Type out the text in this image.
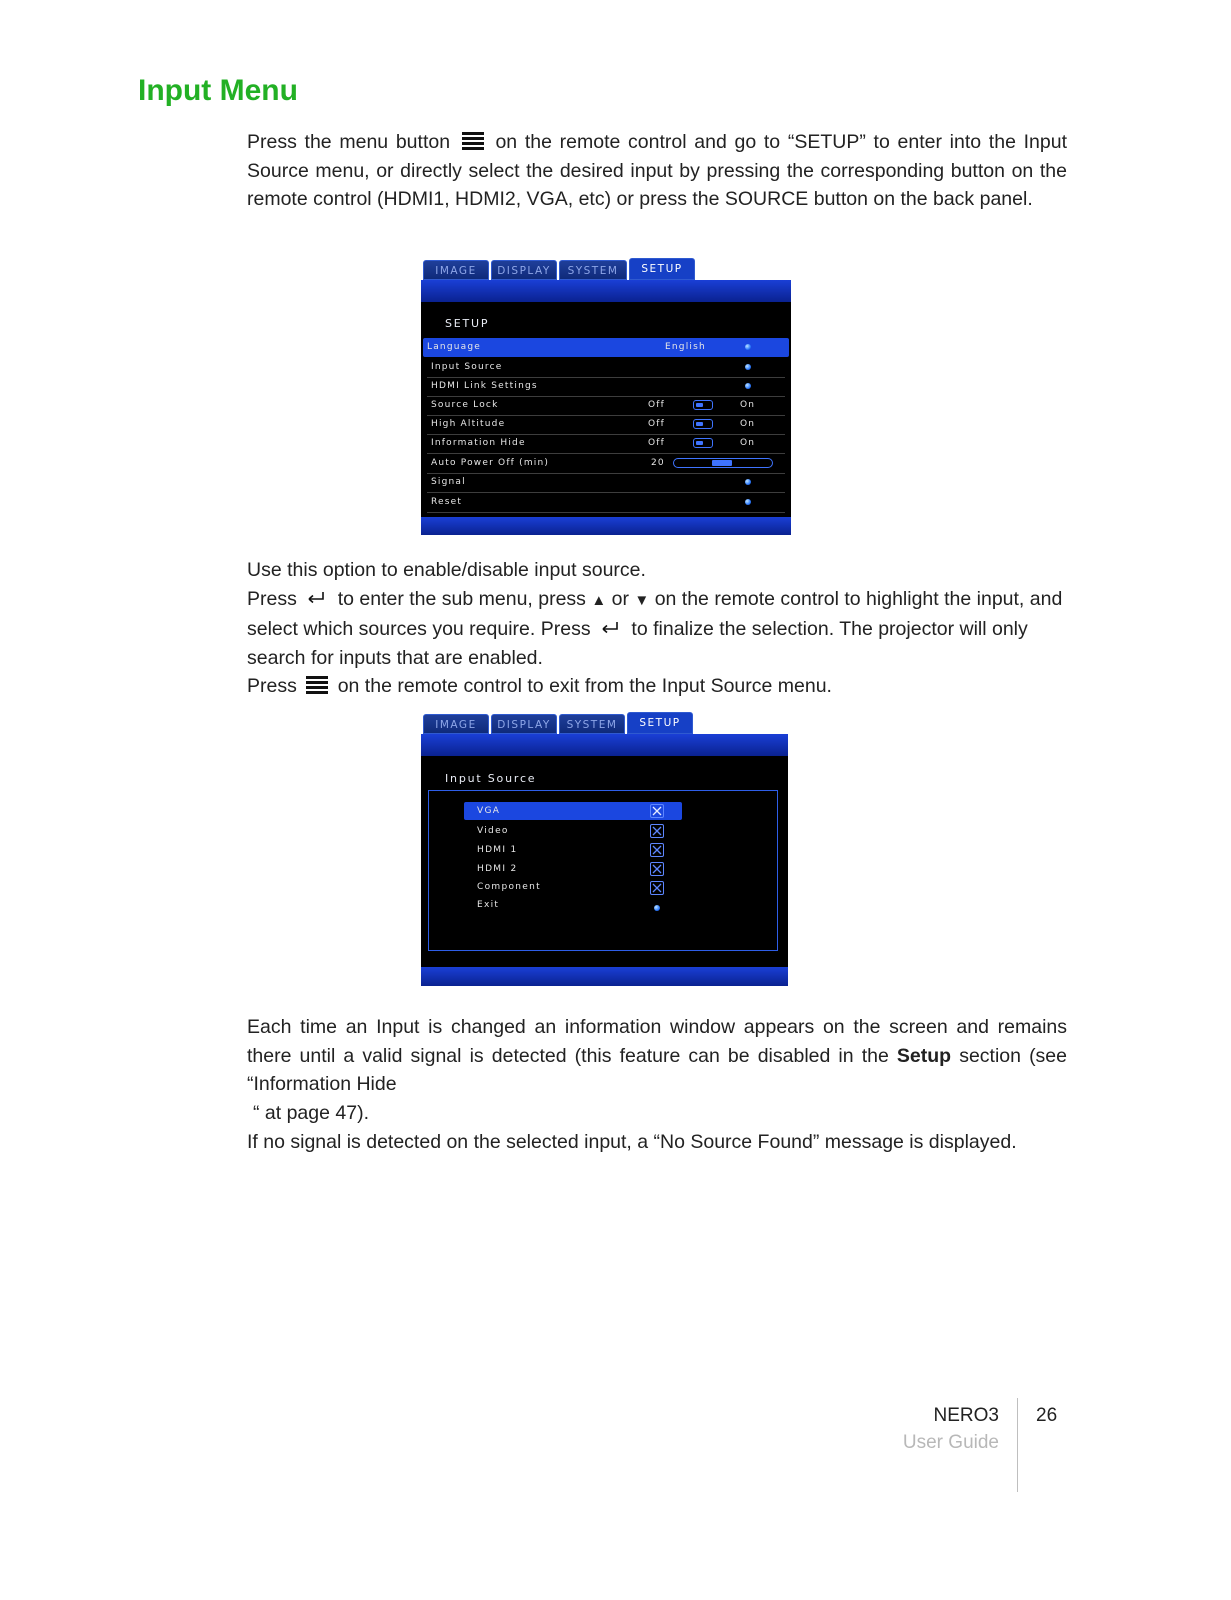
Input Menu
Press the menu button on the remote control and go to “SETUP” to enter into the Input Source menu, or directly select the desired input by pressing the corresponding button on the remote control (HDMI1, HDMI2, VGA, etc) or press the SOURCE button on the back panel.
IMAGE	DISPLAY	SYSTEM	SETUP
SETUP
Language	English
Input Source
HDMI Link Settings
Source Lock	Off	On
High Altitude	Off	On
Information Hide	Off	On
Auto Power Off (min)	20
Signal
Reset
Use this option to enable/disable input source.
Press to enter the sub menu, press ▲ or ▼ on the remote control to highlight the input, and select which sources you require. Press to finalize the selection. The projector will only search for inputs that are enabled.
Press on the remote control to exit from the Input Source menu.
IMAGE	DISPLAY	SYSTEM	SETUP
Input Source
VGA
Video
HDMI 1
HDMI 2
Component
Exit
Each time an Input is changed an information window appears on the screen and remains there until a valid signal is detected (this feature can be disabled in the Setup section (see “Information Hide
“ at page 47).
If no signal is detected on the selected input, a “No Source Found” message is displayed.
NERO3
User Guide
26
